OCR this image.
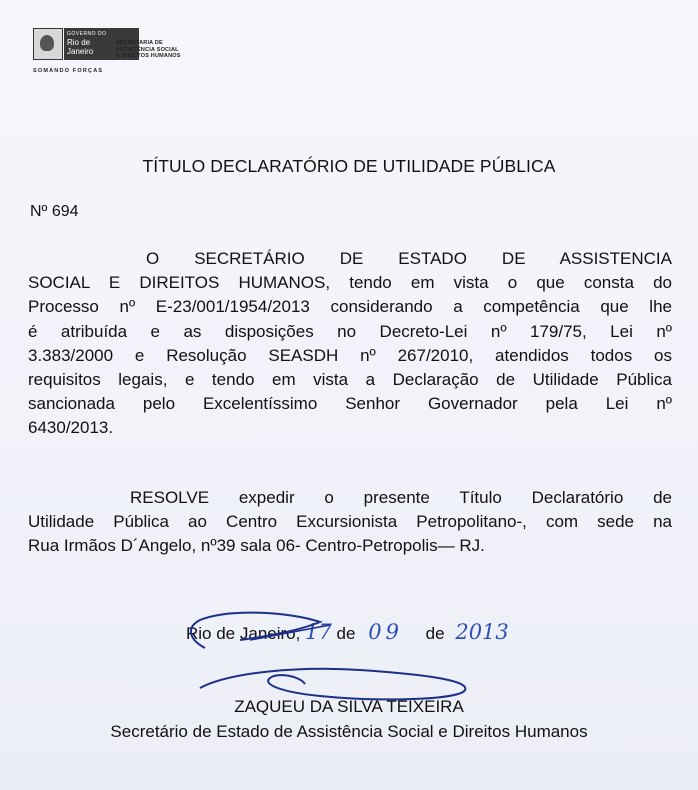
GOVERNO DO
Rio de
Janeiro
SECRETARIA DE
ASSISTÊNCIA SOCIAL
E DIREITOS HUMANOS
SOMANDO FORÇAS
TÍTULO DECLARATÓRIO DE UTILIDADE PÚBLICA
Nº 694
O SECRETÁRIO DE ESTADO DE ASSISTENCIA
SOCIAL E DIREITOS HUMANOS, tendo em vista o que consta do
Processo nº E-23/001/1954/2013 considerando a competência que lhe
é atribuída e as disposições no Decreto-Lei nº 179/75, Lei nº
3.383/2000 e Resolução SEASDH nº 267/2010, atendidos todos os
requisitos legais, e tendo em vista a Declaração de Utilidade Pública
sancionada pelo Excelentíssimo Senhor Governador pela Lei nº
6430/2013.
RESOLVE expedir o presente Título Declaratório de
Utilidade Pública ao Centro Excursionista Petropolitano-, com sede na
Rua Irmãos D´Angelo, nº39 sala 06- Centro-Petropolis— RJ.
Rio de Janeiro, 17 de 09 de 2013
ZAQUEU DA SILVA TEIXEIRA
Secretário de Estado de Assistência Social e Direitos Humanos
